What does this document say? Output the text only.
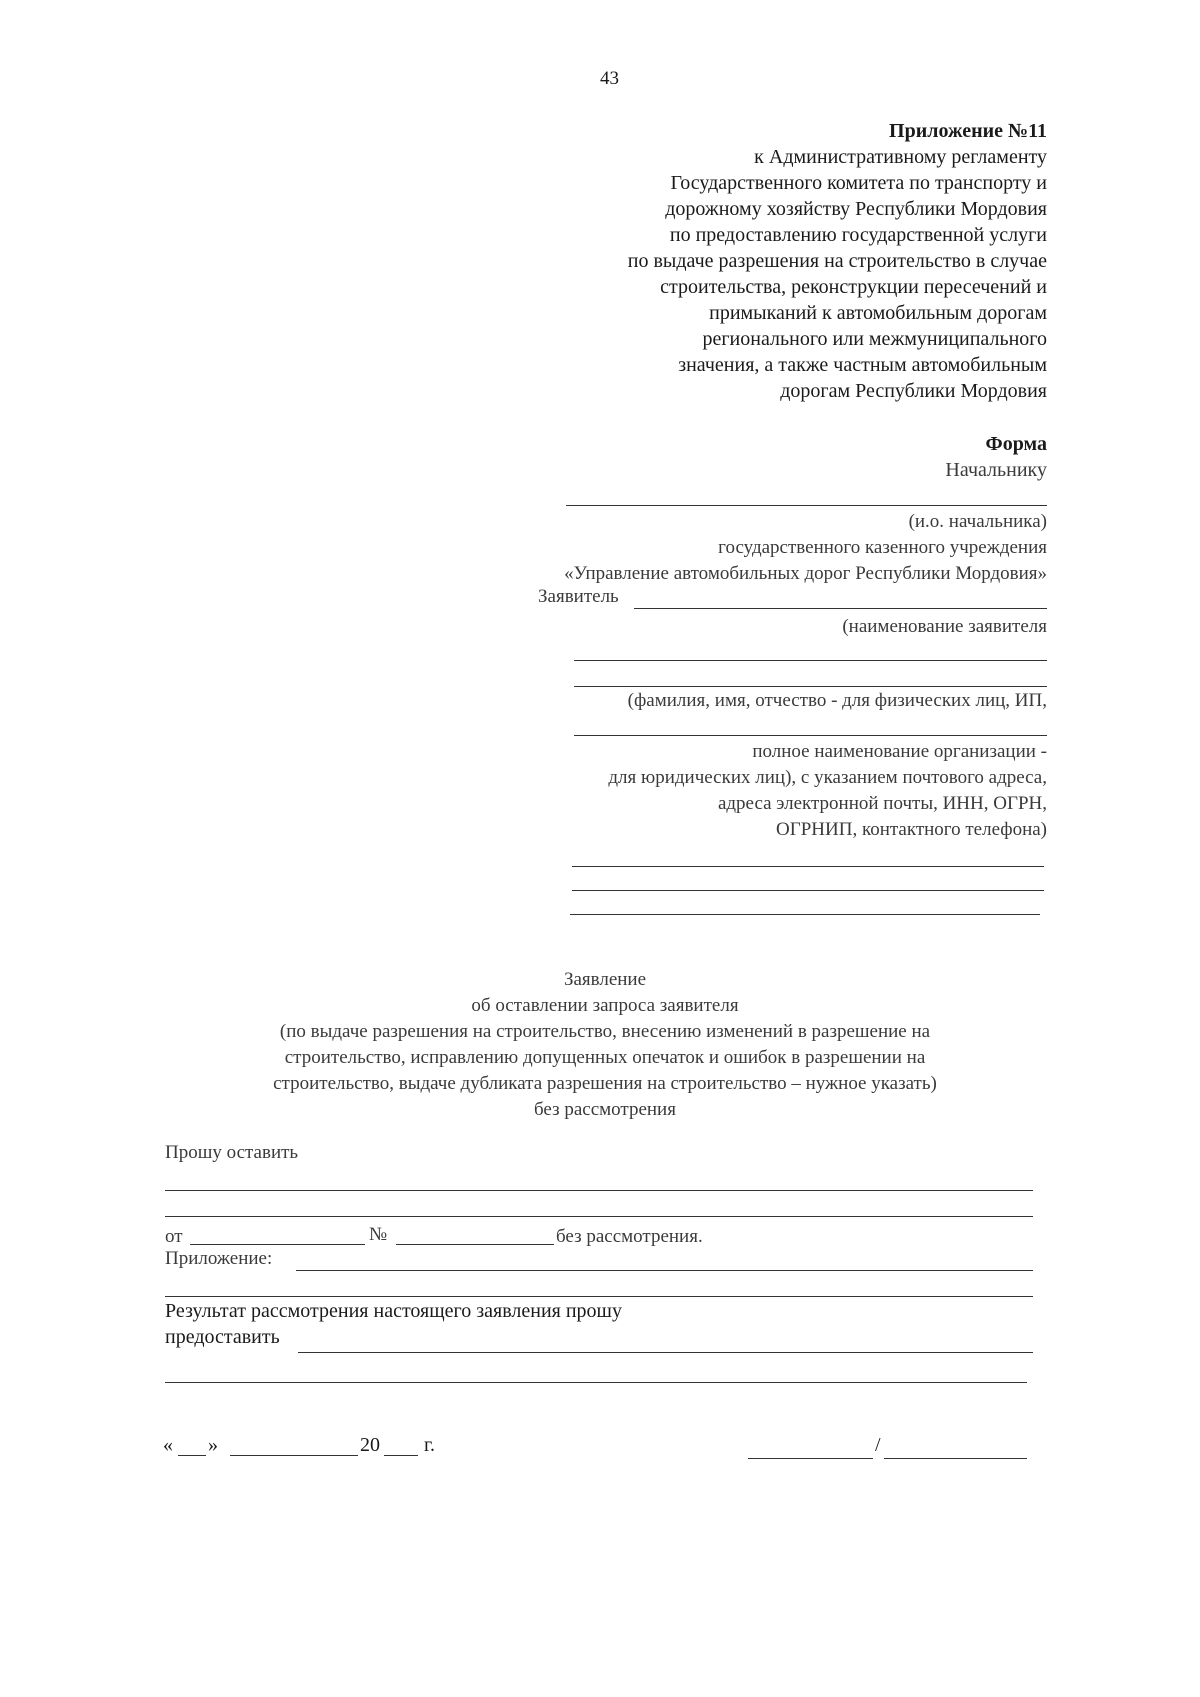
43
Приложение №11
к Административному регламенту
Государственного комитета по транспорту и
дорожному хозяйству Республики Мордовия
по предоставлению государственной услуги
по выдаче разрешения на строительство в случае
строительства, реконструкции пересечений и
примыканий к автомобильным дорогам
регионального или межмуниципального
значения, а также частным автомобильным
дорогам Республики Мордовия
Форма
Начальнику
(и.о. начальника)
государственного казенного учреждения
«Управление автомобильных дорог Республики Мордовия»
Заявитель
(наименование заявителя
(фамилия, имя, отчество - для физических лиц, ИП,
полное наименование организации -
для юридических лиц), с указанием почтового адреса,
адреса электронной почты, ИНН, ОГРН,
ОГРНИП, контактного телефона)
Заявление
об оставлении запроса заявителя
(по выдаче разрешения на строительство, внесению изменений в разрешение на
строительство, исправлению допущенных опечаток и ошибок в разрешении на
строительство, выдаче дубликата разрешения на строительство – нужное указать)
без рассмотрения
Прошу оставить
от	№	без рассмотрения.
Приложение:
Результат рассмотрения настоящего заявления прошу
предоставить
« »	20 г.	/
